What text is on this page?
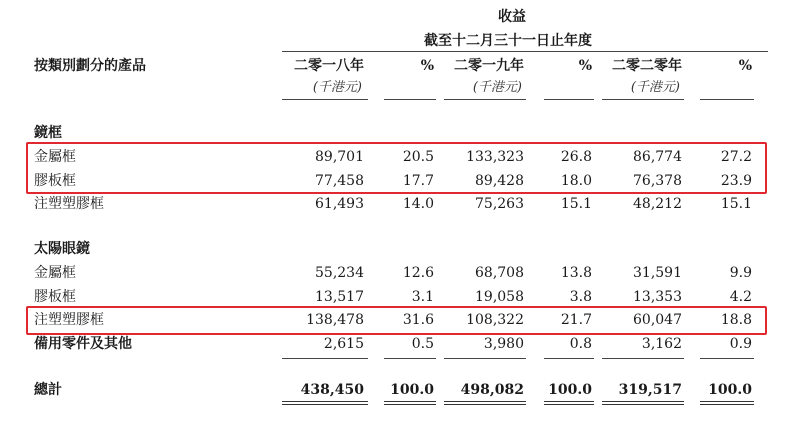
收益
截至十二月三十一日止年度
按類別劃分的產品	二零一八年	% 二零一九年	% 二零二零年	%
(千港元)	(千港元)	(千港元)
鏡框
金屬框	89,701	20.5 133,323	26.8	86,774	27.2
膠板框	77,458	17.7	89,428	18.0	76,378	23.9
注塑塑膠框	61,493	14.0	75,263	15.1	48,212	15.1
太陽眼鏡
金屬框	55,234	12.6	68,708	13.8	31,591	9.9
膠板框	13,517	3.1	19,058	3.8	13,353	4.2
注塑塑膠框	138,478	31.6 108,322	21.7	60,047	18.8
備用零件及其他	2,615	0.5	3,980	0.8	3,162	0.9
總計	438,450 100.0 498,082 100.0 319,517 100.0
